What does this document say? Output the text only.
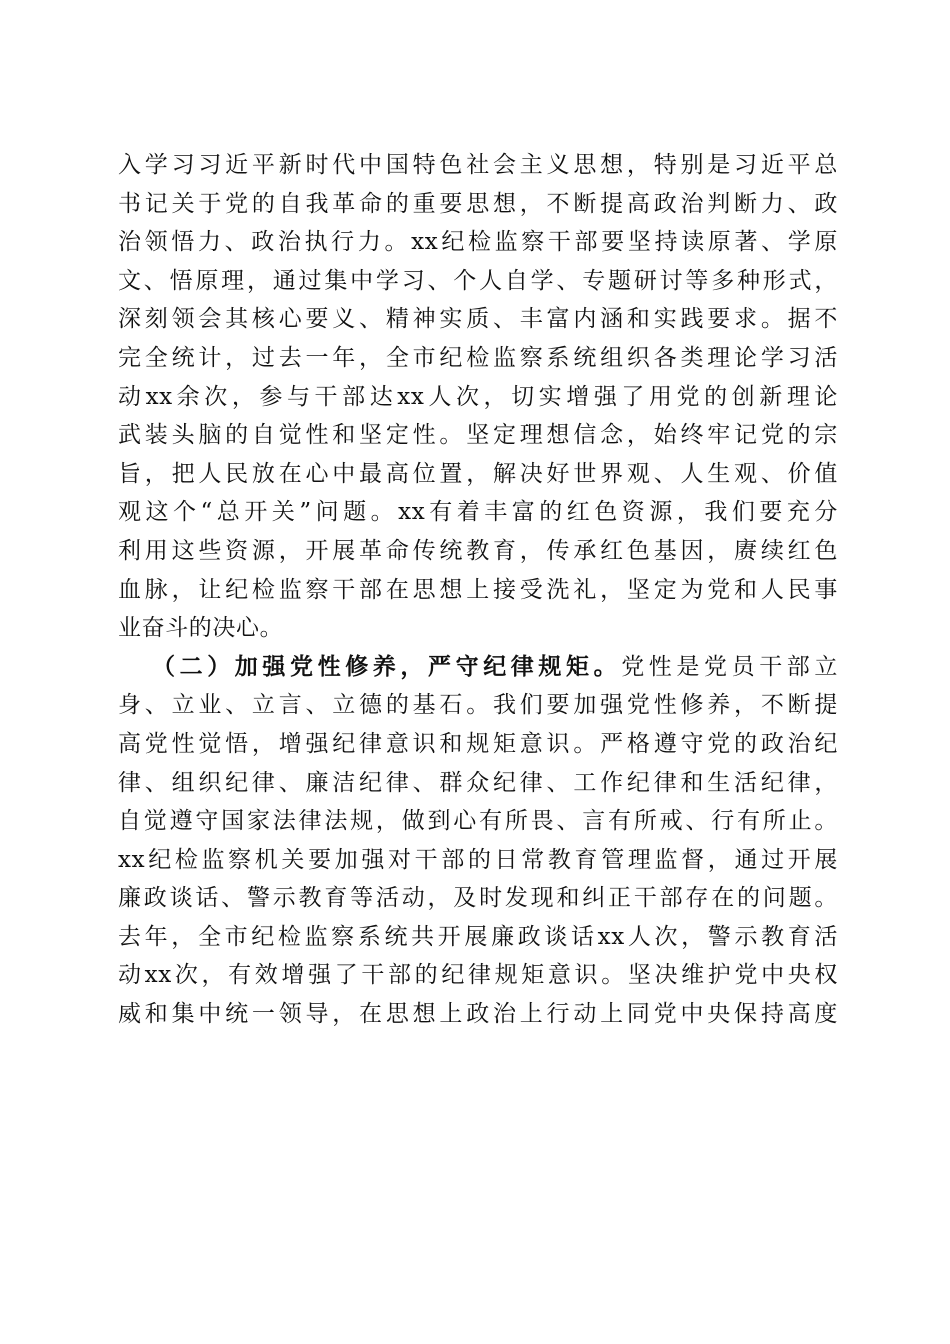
入学习习近平新时代中国特色社会主义思想，特别是习近平总
书记关于党的自我革命的重要思想，不断提高政治判断力、政
治领悟力、政治执行力。xx纪检监察干部要坚持读原著、学原
文、悟原理，通过集中学习、个人自学、专题研讨等多种形式，
深刻领会其核心要义、精神实质、丰富内涵和实践要求。据不
完全统计，过去一年，全市纪检监察系统组织各类理论学习活
动xx余次，参与干部达xx人次，切实增强了用党的创新理论
武装头脑的自觉性和坚定性。坚定理想信念，始终牢记党的宗
旨，把人民放在心中最高位置，解决好世界观、人生观、价值
观这个“总开关”问题。xx有着丰富的红色资源，我们要充分
利用这些资源，开展革命传统教育，传承红色基因，赓续红色
血脉，让纪检监察干部在思想上接受洗礼，坚定为党和人民事
业奋斗的决心。
（二）加强党性修养，严守纪律规矩。党性是党员干部立
身、立业、立言、立德的基石。我们要加强党性修养，不断提
高党性觉悟，增强纪律意识和规矩意识。严格遵守党的政治纪
律、组织纪律、廉洁纪律、群众纪律、工作纪律和生活纪律，
自觉遵守国家法律法规，做到心有所畏、言有所戒、行有所止。
xx纪检监察机关要加强对干部的日常教育管理监督，通过开展
廉政谈话、警示教育等活动，及时发现和纠正干部存在的问题。
去年，全市纪检监察系统共开展廉政谈话xx人次，警示教育活
动xx次，有效增强了干部的纪律规矩意识。坚决维护党中央权
威和集中统一领导，在思想上政治上行动上同党中央保持高度
